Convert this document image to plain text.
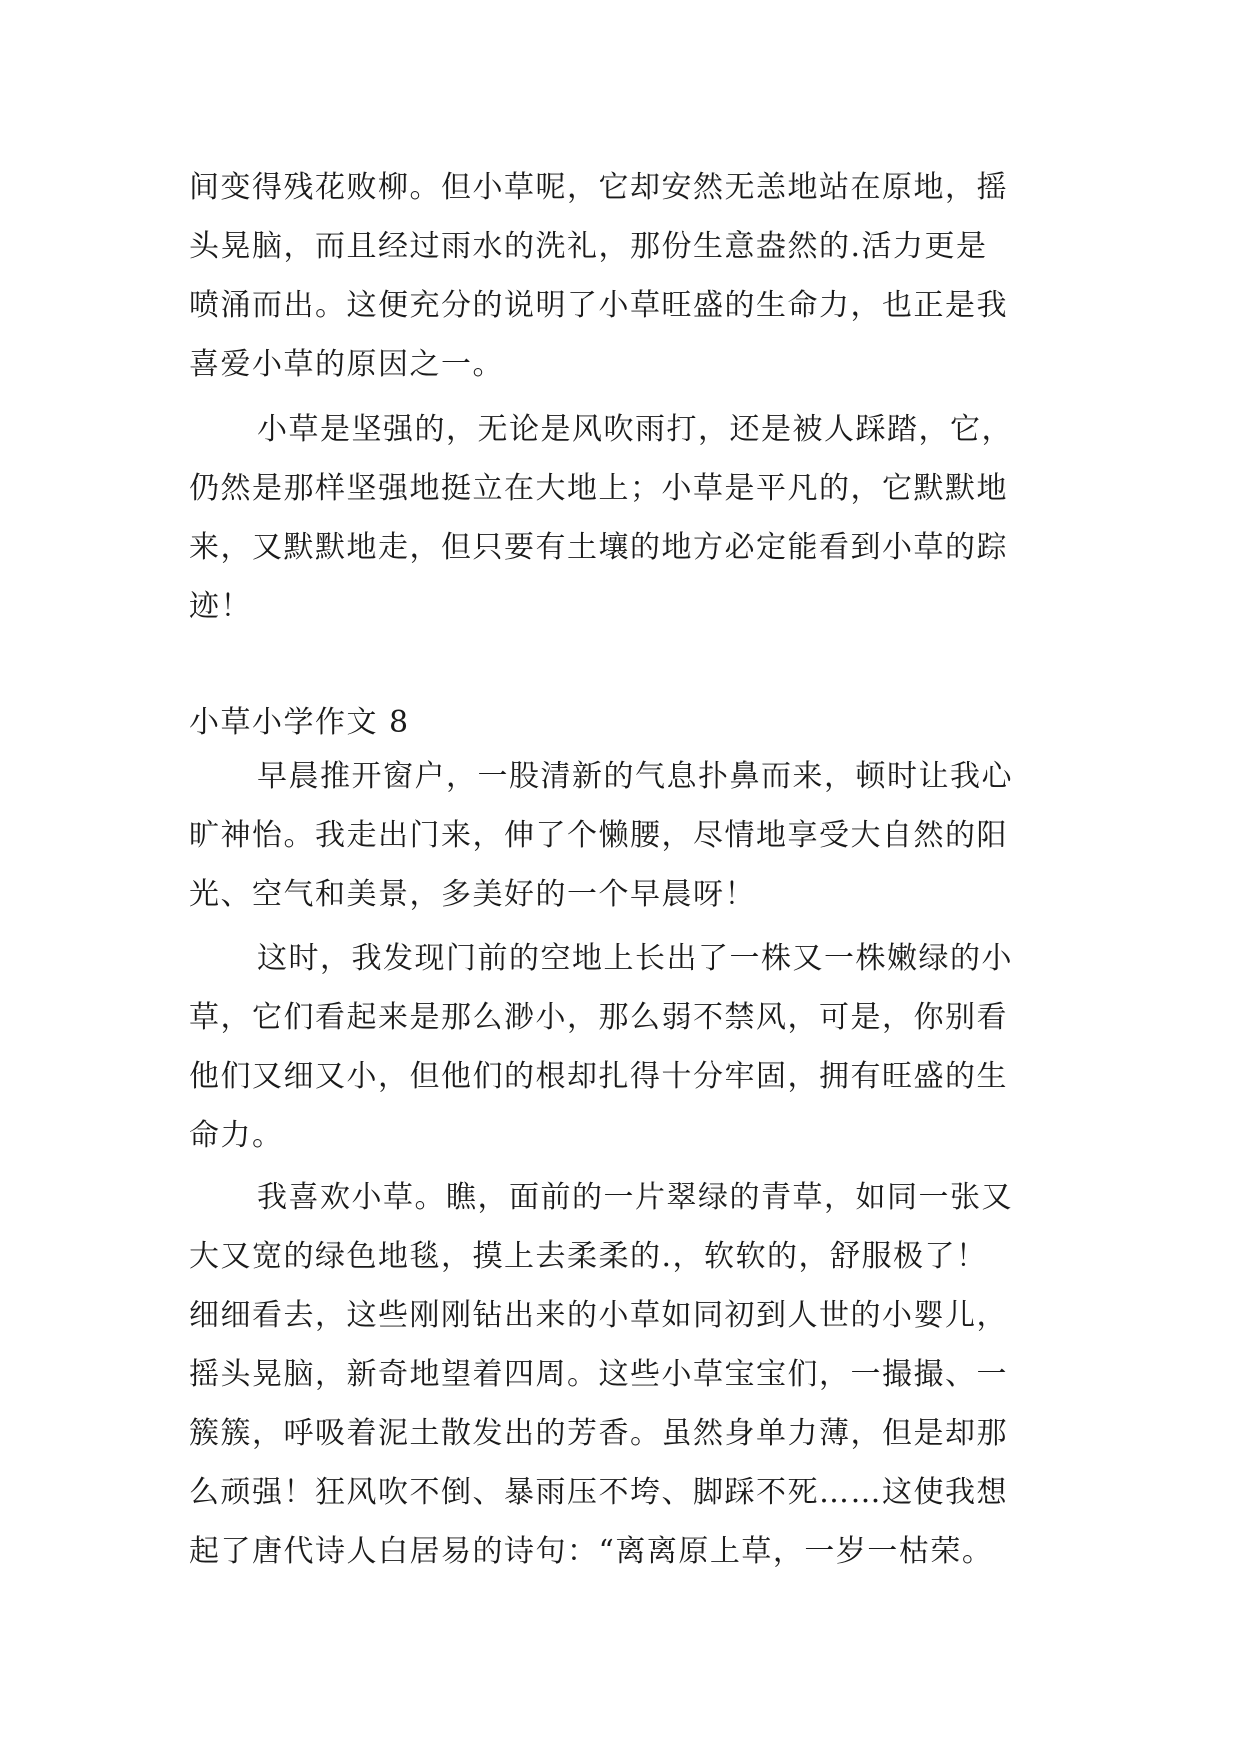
间变得残花败柳。但小草呢，它却安然无恙地站在原地，摇
头晃脑，而且经过雨水的洗礼，那份生意盎然的.活力更是
喷涌而出。这便充分的说明了小草旺盛的生命力，也正是我
喜爱小草的原因之一。
小草是坚强的，无论是风吹雨打，还是被人踩踏，它，
仍然是那样坚强地挺立在大地上；小草是平凡的，它默默地
来，又默默地走，但只要有土壤的地方必定能看到小草的踪
迹！
小草小学作文 8
早晨推开窗户，一股清新的气息扑鼻而来，顿时让我心
旷神怡。我走出门来，伸了个懒腰，尽情地享受大自然的阳
光、空气和美景，多美好的一个早晨呀！
这时，我发现门前的空地上长出了一株又一株嫩绿的小
草，它们看起来是那么渺小，那么弱不禁风，可是，你别看
他们又细又小，但他们的根却扎得十分牢固，拥有旺盛的生
命力。
我喜欢小草。瞧，面前的一片翠绿的青草，如同一张又
大又宽的绿色地毯，摸上去柔柔的.，软软的，舒服极了！
细细看去，这些刚刚钻出来的小草如同初到人世的小婴儿，
摇头晃脑，新奇地望着四周。这些小草宝宝们，一撮撮、一
簇簇，呼吸着泥土散发出的芳香。虽然身单力薄，但是却那
么顽强！狂风吹不倒、暴雨压不垮、脚踩不死……这使我想
起了唐代诗人白居易的诗句：“离离原上草，一岁一枯荣。
